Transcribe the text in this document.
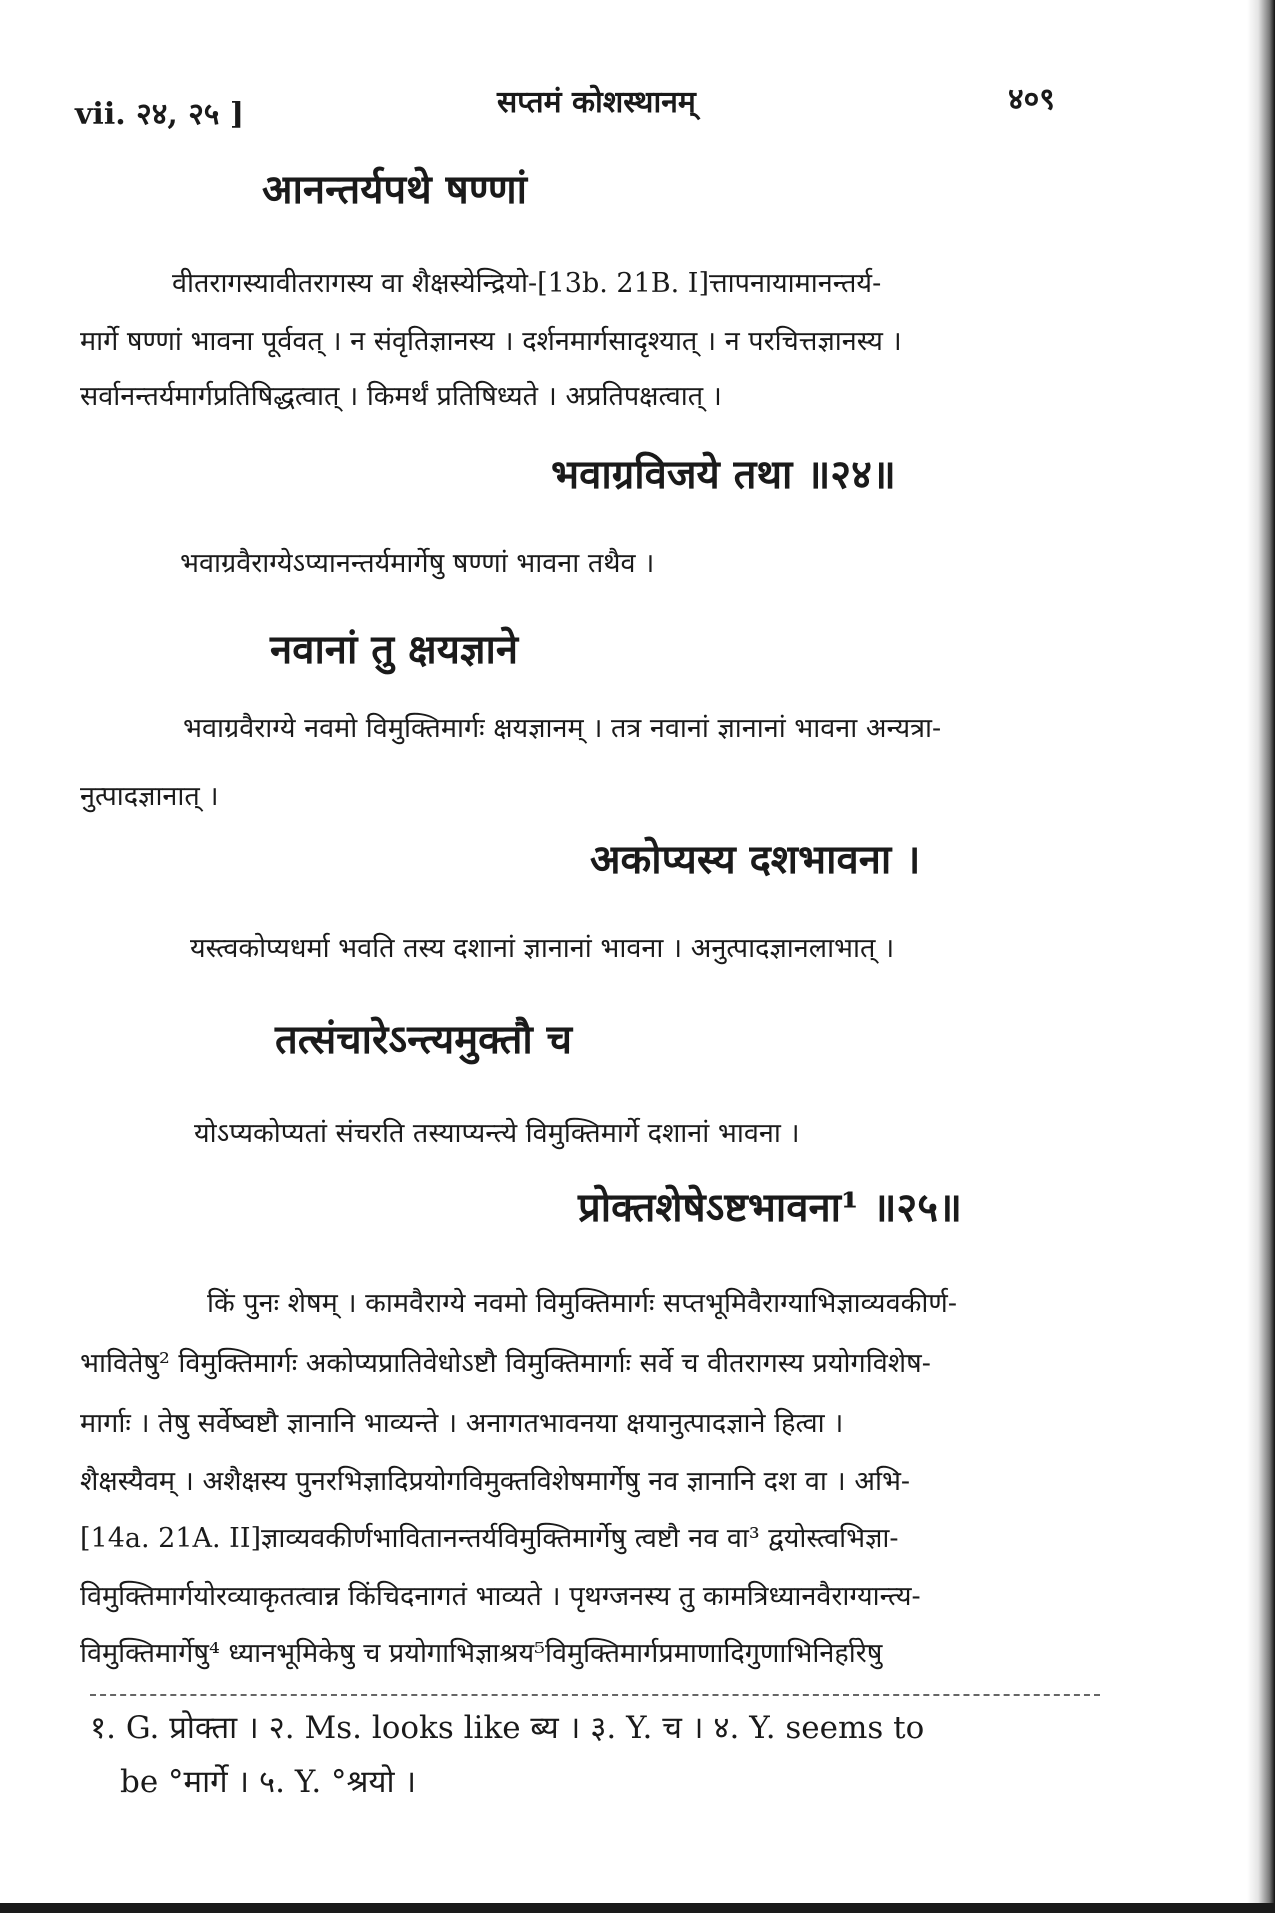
vii. २४, २५ ]	सप्तमं कोशस्थानम्	४०९
आनन्तर्यपथे षण्णां
वीतरागस्यावीतरागस्य वा शैक्षस्येन्द्रियो-[13b. 21B. I]त्तापनायामानन्तर्य-
मार्गे षण्णां भावना पूर्ववत् । न संवृतिज्ञानस्य । दर्शनमार्गसादृश्यात् । न परचित्तज्ञानस्य ।
सर्वानन्तर्यमार्गप्रतिषिद्धत्वात् । किमर्थं प्रतिषिध्यते । अप्रतिपक्षत्वात् ।
भवाग्रविजये तथा ॥२४॥
भवाग्रवैराग्येऽप्यानन्तर्यमार्गेषु षण्णां भावना तथैव ।
नवानां तु क्षयज्ञाने
भवाग्रवैराग्ये नवमो विमुक्तिमार्गः क्षयज्ञानम् । तत्र नवानां ज्ञानानां भावना अन्यत्रा-
नुत्पादज्ञानात् ।
अकोप्यस्य दशभावना ।
यस्त्वकोप्यधर्मा भवति तस्य दशानां ज्ञानानां भावना । अनुत्पादज्ञानलाभात् ।
तत्संचारेऽन्त्यमुक्तौ च
योऽप्यकोप्यतां संचरति तस्याप्यन्त्ये विमुक्तिमार्गे दशानां भावना ।
प्रोक्तशेषेऽष्टभावना¹ ॥२५॥
किं पुनः शेषम् । कामवैराग्ये नवमो विमुक्तिमार्गः सप्तभूमिवैराग्याभिज्ञाव्यवकीर्ण-
भावितेषु² विमुक्तिमार्गः अकोप्यप्रातिवेधोऽष्टौ विमुक्तिमार्गाः सर्वे च वीतरागस्य प्रयोगविशेष-
मार्गाः । तेषु सर्वेष्वष्टौ ज्ञानानि भाव्यन्ते । अनागतभावनया क्षयानुत्पादज्ञाने हित्वा ।
शैक्षस्यैवम् । अशैक्षस्य पुनरभिज्ञादिप्रयोगविमुक्तविशेषमार्गेषु नव ज्ञानानि दश वा । अभि-
[14a. 21A. II]ज्ञाव्यवकीर्णभावितानन्तर्यविमुक्तिमार्गेषु त्वष्टौ नव वा³ द्वयोस्त्वभिज्ञा-
विमुक्तिमार्गयोरव्याकृतत्वान्न किंचिदनागतं भाव्यते । पृथग्जनस्य तु कामत्रिध्यानवैराग्यान्त्य-
विमुक्तिमार्गेषु⁴ ध्यानभूमिकेषु च प्रयोगाभिज्ञाश्रय⁵विमुक्तिमार्गप्रमाणादिगुणाभिनिर्हारेषु
१. G. प्रोक्ता । २. Ms. looks like ब्य । ३. Y. च । ४. Y. seems to
be °मार्गे । ५. Y. °श्रयो ।
